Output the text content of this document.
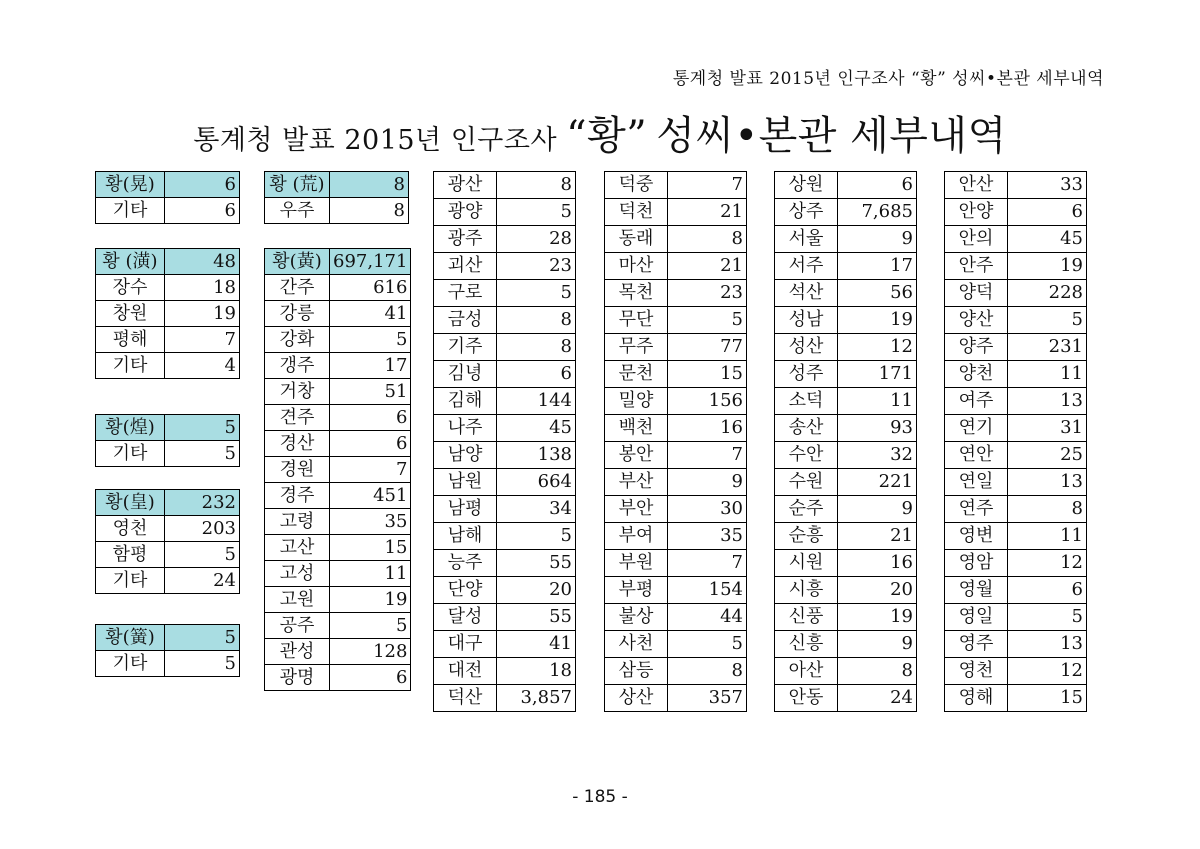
통계청 발표 2015년 인구조사 “황” 성씨•본관 세부내역
통계청 발표 2015년 인구조사 “황” 성씨•본관 세부내역
황(晃)	6
기타	6
황 (潢)	48
장수	18
창원	19
평해	7
기타	4
황(煌)	5
기타	5
황(皇)	232
영천	203
함평	5
기타	24
황(簧)	5
기타	5
황 (荒)	8
우주	8
황(黃)	697,171
간주	616
강릉	41
강화	5
갱주	17
거창	51
견주	6
경산	6
경원	7
경주	451
고령	35
고산	15
고성	11
고원	19
공주	5
관성	128
광명	6
광산	8
광양	5
광주	28
괴산	23
구로	5
금성	8
기주	8
김녕	6
김해	144
나주	45
남양	138
남원	664
남평	34
남해	5
능주	55
단양	20
달성	55
대구	41
대전	18
덕산	3,857
덕중	7
덕천	21
동래	8
마산	21
목천	23
무단	5
무주	77
문천	15
밀양	156
백천	16
봉안	7
부산	9
부안	30
부여	35
부원	7
부평	154
불상	44
사천	5
삼등	8
상산	357
상원	6
상주	7,685
서울	9
서주	17
석산	56
성남	19
성산	12
성주	171
소덕	11
송산	93
수안	32
수원	221
순주	9
순흥	21
시원	16
시흥	20
신풍	19
신흥	9
아산	8
안동	24
안산	33
안양	6
안의	45
안주	19
양덕	228
양산	5
양주	231
양천	11
여주	13
연기	31
연안	25
연일	13
연주	8
영변	11
영암	12
영월	6
영일	5
영주	13
영천	12
영해	15
- 185 -
